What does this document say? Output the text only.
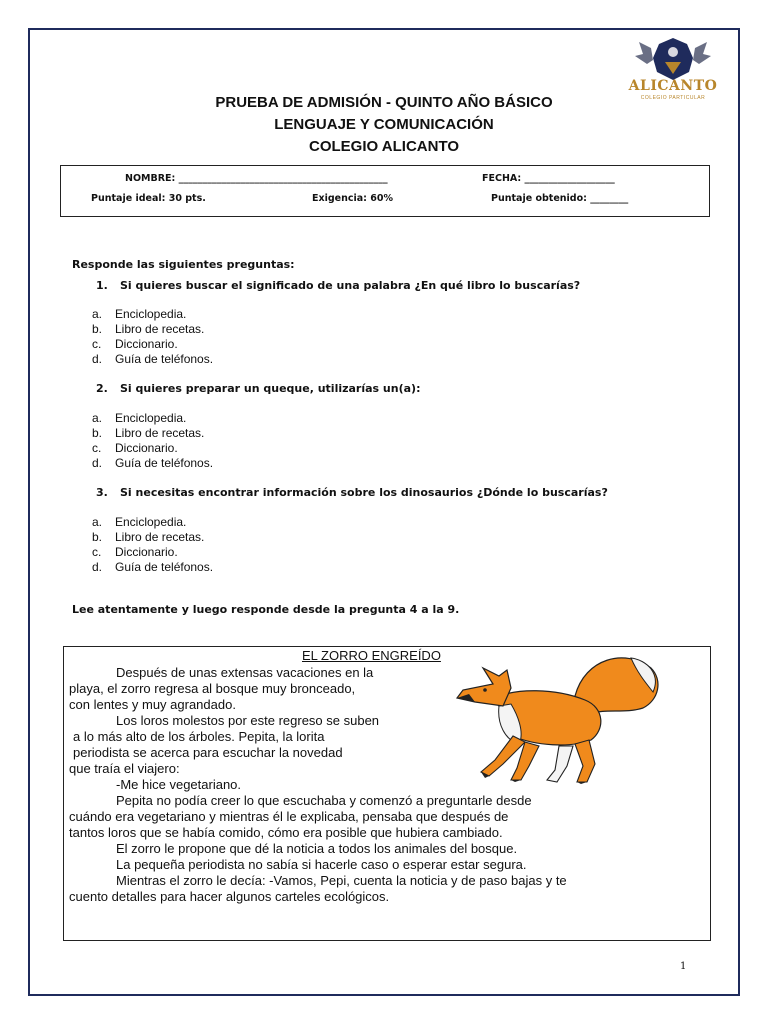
ALICANTO
COLEGIO PARTICULAR
PRUEBA DE ADMISIÓN - QUINTO AÑO BÁSICO
LENGUAJE Y COMUNICACIÓN
COLEGIO ALICANTO
NOMBRE: ____________________________________________	FECHA: ___________________
Puntaje ideal: 30 pts.	Exigencia: 60%	Puntaje obtenido: ________
Responde las siguientes preguntas:
1. Si quieres buscar el significado de una palabra ¿En qué libro lo buscarías?
a. Enciclopedia.
b. Libro de recetas.
c. Diccionario.
d. Guía de teléfonos.
2. Si quieres preparar un queque, utilizarías un(a):
a. Enciclopedia.
b. Libro de recetas.
c. Diccionario.
d. Guía de teléfonos.
3. Si necesitas encontrar información sobre los dinosaurios ¿Dónde lo buscarías?
a. Enciclopedia.
b. Libro de recetas.
c. Diccionario.
d. Guía de teléfonos.
Lee atentamente y luego responde desde la pregunta 4 a la 9.
EL ZORRO ENGREÍDO
Después de unas extensas vacaciones en la
playa, el zorro regresa al bosque muy bronceado,
con lentes y muy agrandado.
Los loros molestos por este regreso se suben
a lo más alto de los árboles. Pepita, la lorita
periodista se acerca para escuchar la novedad
que traía el viajero:
-Me hice vegetariano.
Pepita no podía creer lo que escuchaba y comenzó a preguntarle desde
cuándo era vegetariano y mientras él le explicaba, pensaba que después de
tantos loros que se había comido, cómo era posible que hubiera cambiado.
El zorro le propone que dé la noticia a todos los animales del bosque.
La pequeña periodista no sabía si hacerle caso o esperar estar segura.
Mientras el zorro le decía: -Vamos, Pepi, cuenta la noticia y de paso bajas y te
cuento detalles para hacer algunos carteles ecológicos.
1
